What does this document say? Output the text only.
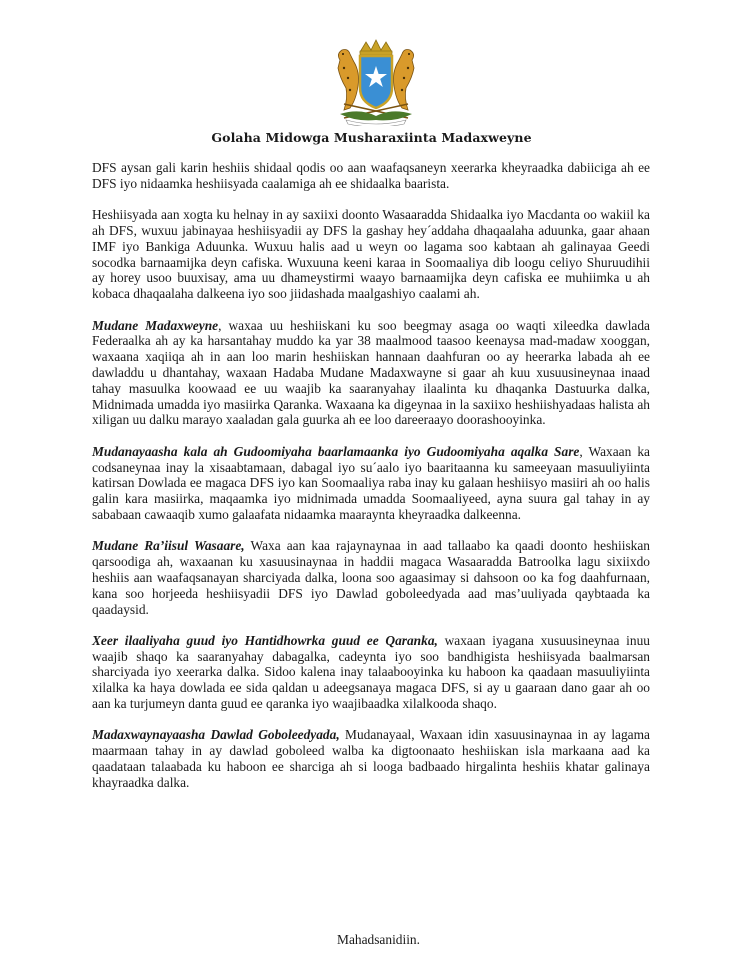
Golaha Midowga Musharaxiinta Madaxweyne

DFS aysan gali karin heshiis shidaal qodis oo aan waafaqsaneyn xeerarka kheyraadka dabiiciga ah ee DFS iyo nidaamka heshiisyada caalamiga ah ee shidaalka baarista.

Heshiisyada aan xogta ku helnay in ay saxiixi doonto Wasaaradda Shidaalka iyo Macdanta oo wakiil ka ah DFS, wuxuu jabinayaa heshiisyadii ay DFS la gashay hey´addaha dhaqaalaha aduunka, gaar ahaan IMF iyo Bankiga Aduunka. Wuxuu halis aad u weyn oo lagama soo kabtaan ah galinayaa Geedi socodka barnaamijka deyn cafiska. Wuxuuna keeni karaa in Soomaaliya dib loogu celiyo Shuruudihii ay horey usoo buuxisay, ama uu dhameystirmi waayo barnaamijka deyn cafiska ee muhiimka u ah kobaca dhaqaalaha dalkeena iyo soo jiidashada maalgashiyo caalami ah.

Mudane Madaxweyne, waxaa uu heshiiskani ku soo beegmay asaga oo waqti xileedka dawlada Federaalka ah ay ka harsantahay muddo ka yar 38 maalmood taasoo keenaysa mad-madaw xooggan, waxaana xaqiiqa ah in aan loo marin heshiiskan hannaan daahfuran oo ay heerarka labada ah ee dawladdu u dhantahay, waxaan Hadaba Mudane Madaxwayne si gaar ah kuu xusuusineynaa inaad tahay masuulka koowaad ee uu waajib ka saaranyahay ilaalinta ku dhaqanka Dastuurka dalka, Midnimada umadda iyo masiirka Qaranka. Waxaana ka digeynaa in la saxiixo heshiishyadaas halista ah xiligan uu dalku marayo xaaladan gala guurka ah ee loo dareeraayo doorashooyinka.

Mudanayaasha kala ah Gudoomiyaha baarlamaanka iyo Gudoomiyaha aqalka Sare, Waxaan ka codsaneynaa inay la xisaabtamaan, dabagal iyo su´aalo iyo baaritaanna ku sameeyaan masuuliyiinta katirsan Dowlada ee magaca DFS iyo kan Soomaaliya raba inay ku galaan heshiisyo masiiri ah oo halis galin kara masiirka, maqaamka iyo midnimada umadda Soomaaliyeed, ayna suura gal tahay in ay sababaan cawaaqib xumo galaafata nidaamka maaraynta kheyraadka dalkeenna.

Mudane Ra’iisul Wasaare, Waxa aan kaa rajaynaynaa in aad tallaabo ka qaadi doonto heshiiskan qarsoodiga ah, waxaanan ku xasuusinaynaa in haddii magaca Wasaaradda Batroolka lagu sixiixdo heshiis aan waafaqsanayan sharciyada dalka, loona soo agaasimay si dahsoon oo ka fog daahfurnaan, kana soo horjeeda heshiisyadii DFS iyo Dawlad goboleedyada aad mas’uuliyada qaybtaada ka qaadaysid.

Xeer ilaaliyaha guud iyo Hantidhowrka guud ee Qaranka, waxaan iyagana xusuusineynaa inuu waajib shaqo ka saaranyahay dabagalka, cadeynta iyo soo bandhigista heshiisyada baalmarsan sharciyada iyo xeerarka dalka. Sidoo kalena inay talaabooyinka ku haboon ka qaadaan masuuliyiinta xilalka ka haya dowlada ee sida qaldan u adeegsanaya magaca DFS, si ay u gaaraan dano gaar ah oo aan ka turjumeyn danta guud ee qaranka iyo waajibaadka xilalkooda shaqo.

Madaxwaynayaasha Dawlad Goboleedyada, Mudanayaal, Waxaan idin xasuusinaynaa in ay lagama maarmaan tahay in ay dawlad goboleed walba ka digtoonaato heshiiskan isla markaana aad ka qaadataan talaabada ku haboon ee sharciga ah si looga badbaado hirgalinta heshiis khatar galinaya khayraadka dalka.

Mahadsanidiin.
